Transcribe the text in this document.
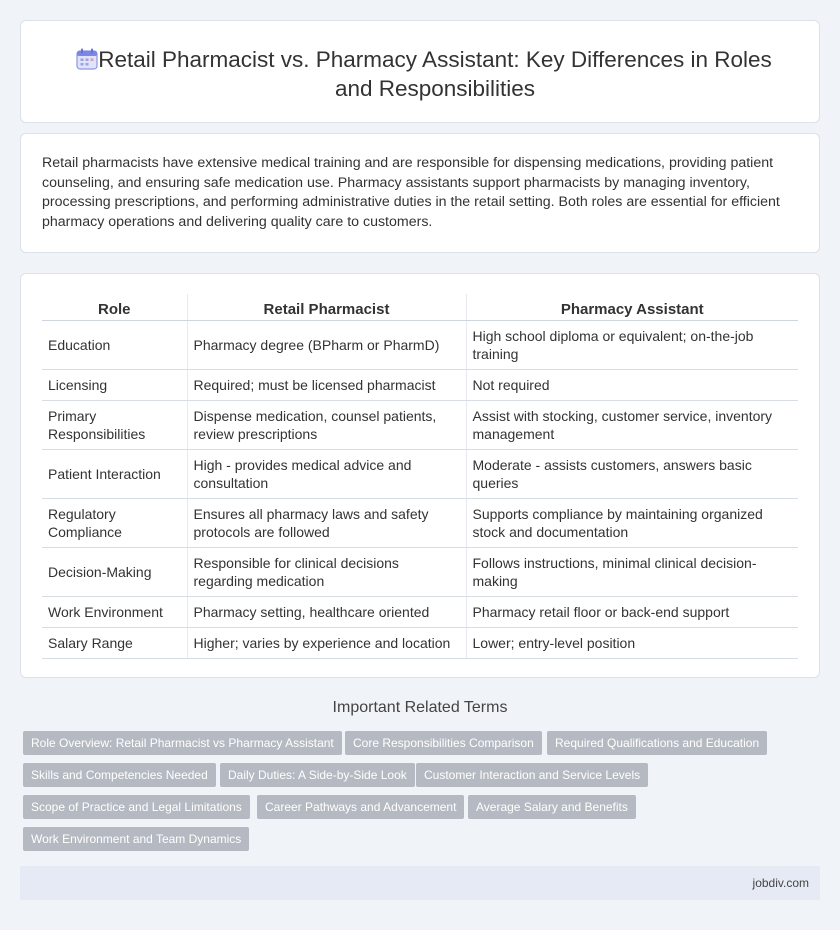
Retail Pharmacist vs. Pharmacy Assistant: Key Differences in Roles and Responsibilities

Retail pharmacists have extensive medical training and are responsible for dispensing medications, providing patient counseling, and ensuring safe medication use. Pharmacy assistants support pharmacists by managing inventory, processing prescriptions, and performing administrative duties in the retail setting. Both roles are essential for efficient pharmacy operations and delivering quality care to customers.

Role	Retail Pharmacist	Pharmacy Assistant
Education	Pharmacy degree (BPharm or PharmD)	High school diploma or equivalent; on-the-job training
Licensing	Required; must be licensed pharmacist	Not required
Primary Responsibilities	Dispense medication, counsel patients, review prescriptions	Assist with stocking, customer service, inventory management
Patient Interaction	High - provides medical advice and consultation	Moderate - assists customers, answers basic queries
Regulatory Compliance	Ensures all pharmacy laws and safety protocols are followed	Supports compliance by maintaining organized stock and documentation
Decision-Making	Responsible for clinical decisions regarding medication	Follows instructions, minimal clinical decision-making
Work Environment	Pharmacy setting, healthcare oriented	Pharmacy retail floor or back-end support
Salary Range	Higher; varies by experience and location	Lower; entry-level position
Important Related Terms
Role Overview: Retail Pharmacist vs Pharmacy Assistant	Core Responsibilities Comparison	Required Qualifications and Education
Skills and Competencies Needed	Daily Duties: A Side-by-Side Look	Customer Interaction and Service Levels
Scope of Practice and Legal Limitations	Career Pathways and Advancement	Average Salary and Benefits
Work Environment and Team Dynamics
jobdiv.com
